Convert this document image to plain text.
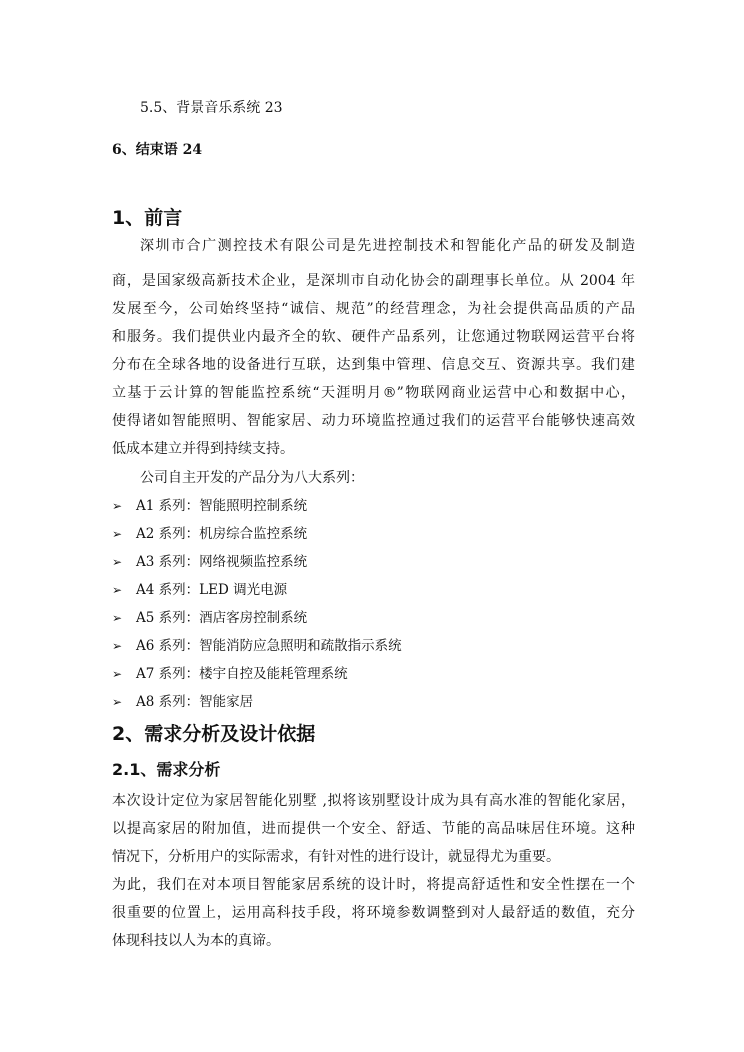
5.5、背景音乐系统 23
6、结束语 24
1、前言
深圳市合广测控技术有限公司是先进控制技术和智能化产品的研发及制造
商，是国家级高新技术企业，是深圳市自动化协会的副理事长单位。从 2004 年
发展至今，公司始终坚持“诚信、规范”的经营理念，为社会提供高品质的产品
和服务。我们提供业内最齐全的软、硬件产品系列，让您通过物联网运营平台将
分布在全球各地的设备进行互联，达到集中管理、信息交互、资源共享。我们建
立基于云计算的智能监控系统“天涯明月®”物联网商业运营中心和数据中心，
使得诸如智能照明、智能家居、动力环境监控通过我们的运营平台能够快速高效
低成本建立并得到持续支持。
公司自主开发的产品分为八大系列：
➢ A1 系列：智能照明控制系统
➢ A2 系列：机房综合监控系统
➢ A3 系列：网络视频监控系统
➢ A4 系列：LED 调光电源
➢ A5 系列：酒店客房控制系统
➢ A6 系列：智能消防应急照明和疏散指示系统
➢ A7 系列：楼宇自控及能耗管理系统
➢ A8 系列：智能家居
2、需求分析及设计依据
2.1、需求分析
本次设计定位为家居智能化别墅 ,拟将该别墅设计成为具有高水准的智能化家居，
以提高家居的附加值，进而提供一个安全、舒适、节能的高品味居住环境。这种
情况下，分析用户的实际需求，有针对性的进行设计，就显得尤为重要。
为此，我们在对本项目智能家居系统的设计时，将提高舒适性和安全性摆在一个
很重要的位置上，运用高科技手段，将环境参数调整到对人最舒适的数值，充分
体现科技以人为本的真谛。
